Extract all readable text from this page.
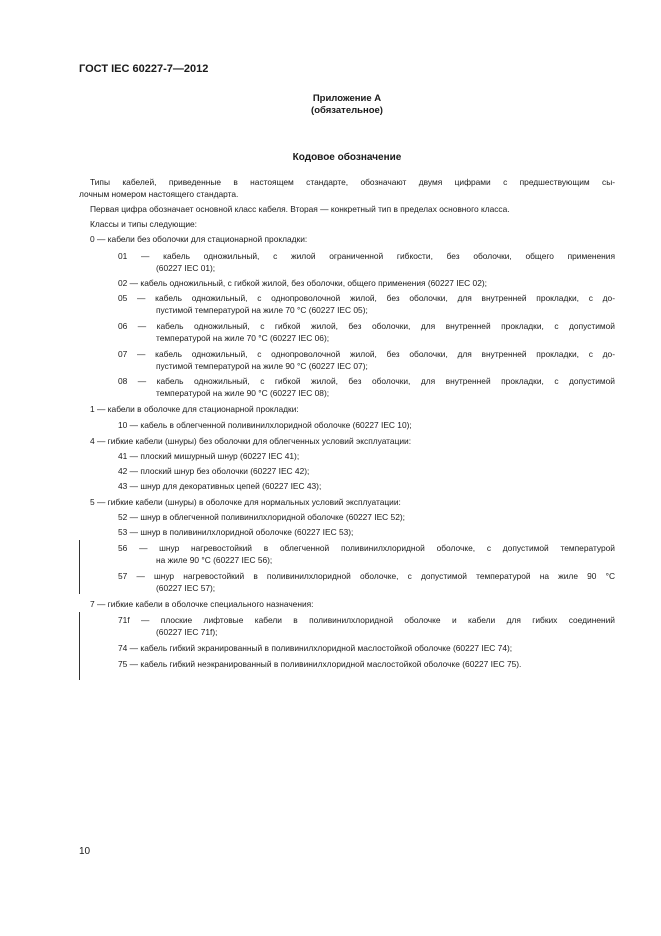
ГОСТ IEC 60227-7—2012
Приложение А
(обязательное)
Кодовое обозначение
Типы кабелей, приведенные в настоящем стандарте, обозначают двумя цифрами с предшествующим сы-
лочным номером настоящего стандарта.
Первая цифра обозначает основной класс кабеля. Вторая — конкретный тип в пределах основного класса.
Классы и типы следующие:
0 — кабели без оболочки для стационарной прокладки:
01 — кабель одножильный, с жилой ограниченной гибкости, без оболочки, общего применения
(60227 IEC 01);
02 — кабель одножильный, с гибкой жилой, без оболочки, общего применения (60227 IEC 02);
05 — кабель одножильный, с однопроволочной жилой, без оболочки, для внутренней прокладки, с до-
пустимой температурой на жиле 70 °С (60227 IEC 05);
06 — кабель одножильный, с гибкой жилой, без оболочки, для внутренней прокладки, с допустимой
температурой на жиле 70 °С (60227 IEC 06);
07 — кабель одножильный, с однопроволочной жилой, без оболочки, для внутренней прокладки, с до-
пустимой температурой на жиле 90 °С (60227 IEC 07);
08 — кабель одножильный, с гибкой жилой, без оболочки, для внутренней прокладки, с допустимой
температурой на жиле 90 °С (60227 IEC 08);
1 — кабели в оболочке для стационарной прокладки:
10 — кабель в облегченной поливинилхлоридной оболочке (60227 IEC 10);
4 — гибкие кабели (шнуры) без оболочки для облегченных условий эксплуатации:
41 — плоский мишурный шнур (60227 IEC 41);
42 — плоский шнур без оболочки (60227 IEC 42);
43 — шнур для декоративных цепей (60227 IEC 43);
5 — гибкие кабели (шнуры) в оболочке для нормальных условий эксплуатации:
52 — шнур в облегченной поливинилхлоридной оболочке (60227 IEC 52);
53 — шнур в поливинилхлоридной оболочке (60227 IEC 53);
56 — шнур нагревостойкий в облегченной поливинилхлоридной оболочке, с допустимой температурой
на жиле 90 °С (60227 IEC 56);
57 — шнур нагревостойкий в поливинилхлоридной оболочке, с допустимой температурой на жиле 90 °С
(60227 IEC 57);
7 — гибкие кабели в оболочке специального назначения:
71f — плоские лифтовые кабели в поливинилхлоридной оболочке и кабели для гибких соединений
(60227 IEC 71f);
74 — кабель гибкий экранированный в поливинилхлоридной маслостойкой оболочке (60227 IEC 74);
75 — кабель гибкий неэкранированный в поливинилхлоридной маслостойкой оболочке (60227 IEC 75).
10
